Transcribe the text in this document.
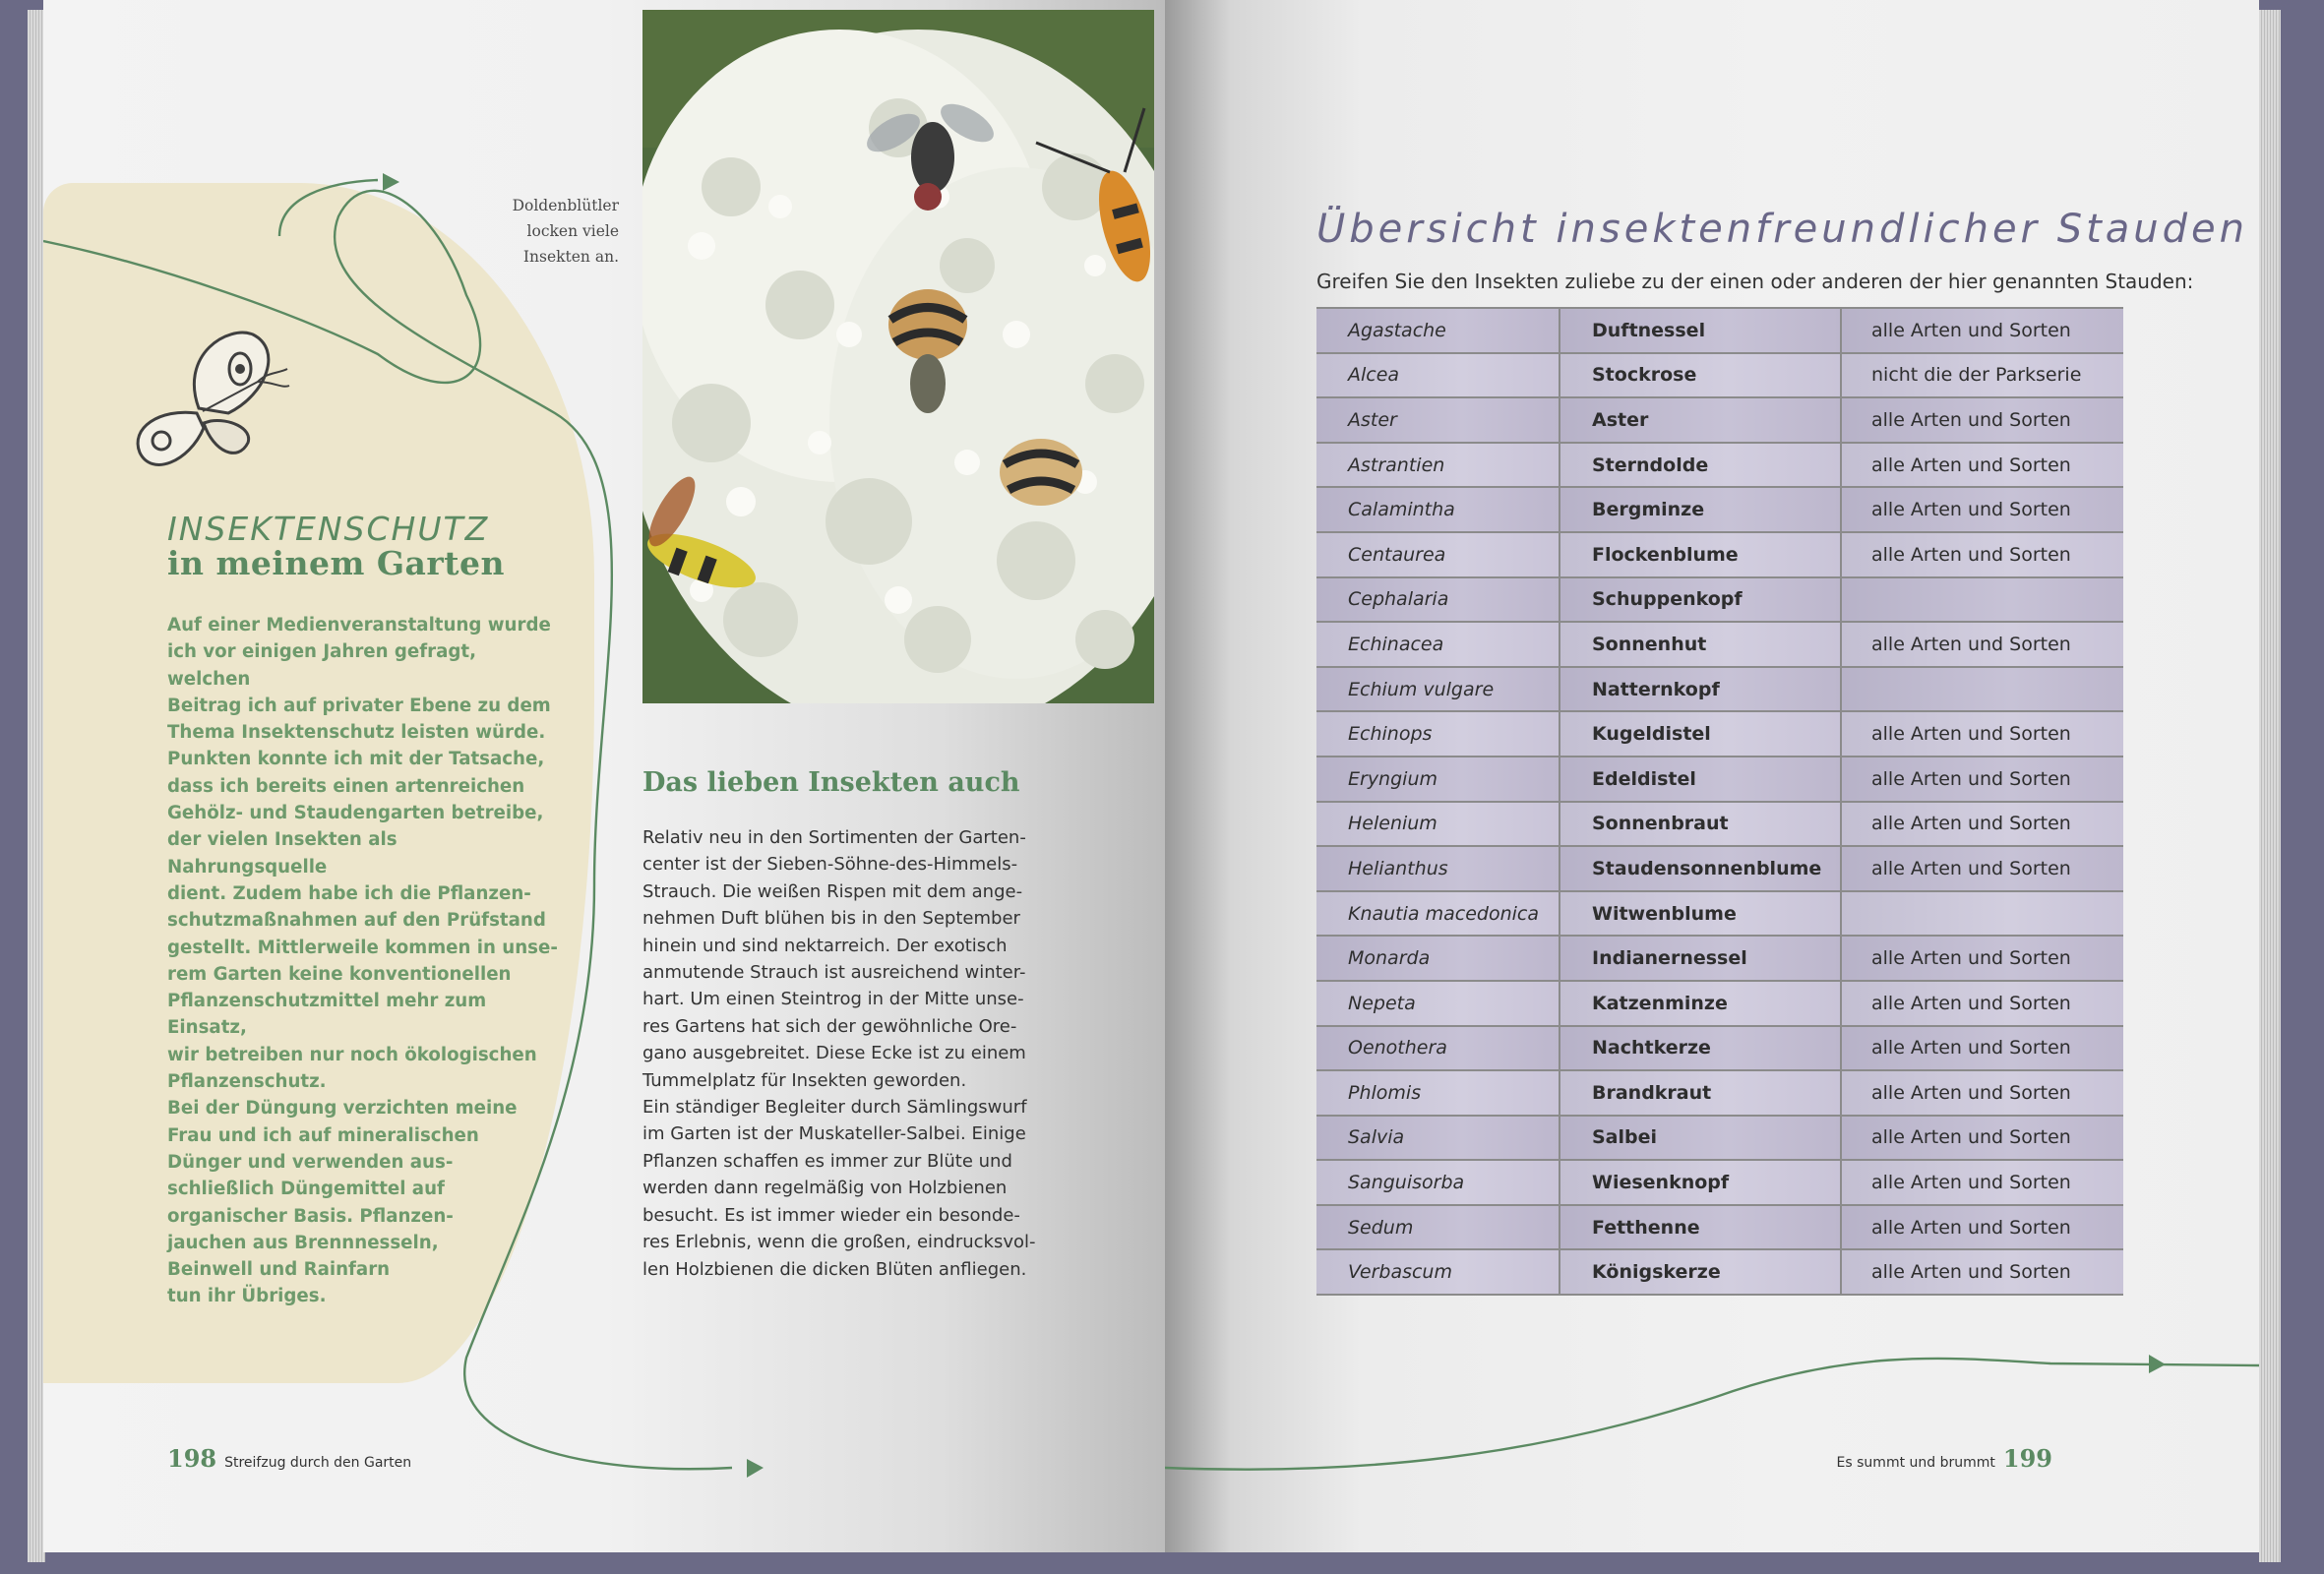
Doldenblütler
locken viele
Insekten an.
INSEKTENSCHUTZ
in meinem Garten

Auf einer Medienveranstaltung wurde

ich vor einigen Jahren gefragt, welchen

Beitrag ich auf privater Ebene zu dem

Thema Insektenschutz leisten würde.

Punkten konnte ich mit der Tatsache,

dass ich bereits einen artenreichen

Gehölz- und Staudengarten betreibe,

der vielen Insekten als Nahrungsquelle

dient. Zudem habe ich die Pflanzen-

schutzmaßnahmen auf den Prüfstand

gestellt. Mittlerweile kommen in unse-

rem Garten keine konventionellen

Pflanzenschutzmittel mehr zum Einsatz,

wir betreiben nur noch ökologischen

Pflanzenschutz.

Bei der Düngung verzichten meine

Frau und ich auf mineralischen

Dünger und verwenden aus-

schließlich Düngemittel auf

organischer Basis. Pflanzen-

jauchen aus Brennnesseln,

Beinwell und Rainfarn

tun ihr Übriges.

Das lieben Insekten auch

Relativ neu in den Sortimenten der Garten-

center ist der Sieben-Söhne-des-Himmels-

Strauch. Die weißen Rispen mit dem ange-

nehmen Duft blühen bis in den September

hinein und sind nektarreich. Der exotisch

anmutende Strauch ist ausreichend winter-

hart. Um einen Steintrog in der Mitte unse-

res Gartens hat sich der gewöhnliche Ore-

gano ausgebreitet. Diese Ecke ist zu einem

Tummelplatz für Insekten geworden.

Ein ständiger Begleiter durch Sämlingswurf

im Garten ist der Muskateller-Salbei. Einige

Pflanzen schaffen es immer zur Blüte und

werden dann regelmäßig von Holzbienen

besucht. Es ist immer wieder ein besonde-

res Erlebnis, wenn die großen, eindrucksvol-

len Holzbienen die dicken Blüten anfliegen.

198 Streifzug durch den Garten
Übersicht insektenfreundlicher Stauden
Greifen Sie den Insekten zuliebe zu der einen oder anderen der hier genannten Stauden:
Agastache	Duftnessel	alle Arten und Sorten
Alcea	Stockrose	nicht die der Parkserie
Aster	Aster	alle Arten und Sorten
Astrantien	Sterndolde	alle Arten und Sorten
Calamintha	Bergminze	alle Arten und Sorten
Centaurea	Flockenblume	alle Arten und Sorten
Cephalaria	Schuppenkopf	
Echinacea	Sonnenhut	alle Arten und Sorten
Echium vulgare	Natternkopf	
Echinops	Kugeldistel	alle Arten und Sorten
Eryngium	Edeldistel	alle Arten und Sorten
Helenium	Sonnenbraut	alle Arten und Sorten
Helianthus	Staudensonnenblume	alle Arten und Sorten
Knautia macedonica	Witwenblume	
Monarda	Indianernessel	alle Arten und Sorten
Nepeta	Katzenminze	alle Arten und Sorten
Oenothera	Nachtkerze	alle Arten und Sorten
Phlomis	Brandkraut	alle Arten und Sorten
Salvia	Salbei	alle Arten und Sorten
Sanguisorba	Wiesenknopf	alle Arten und Sorten
Sedum	Fetthenne	alle Arten und Sorten
Verbascum	Königskerze	alle Arten und Sorten
Es summt und brummt 199
